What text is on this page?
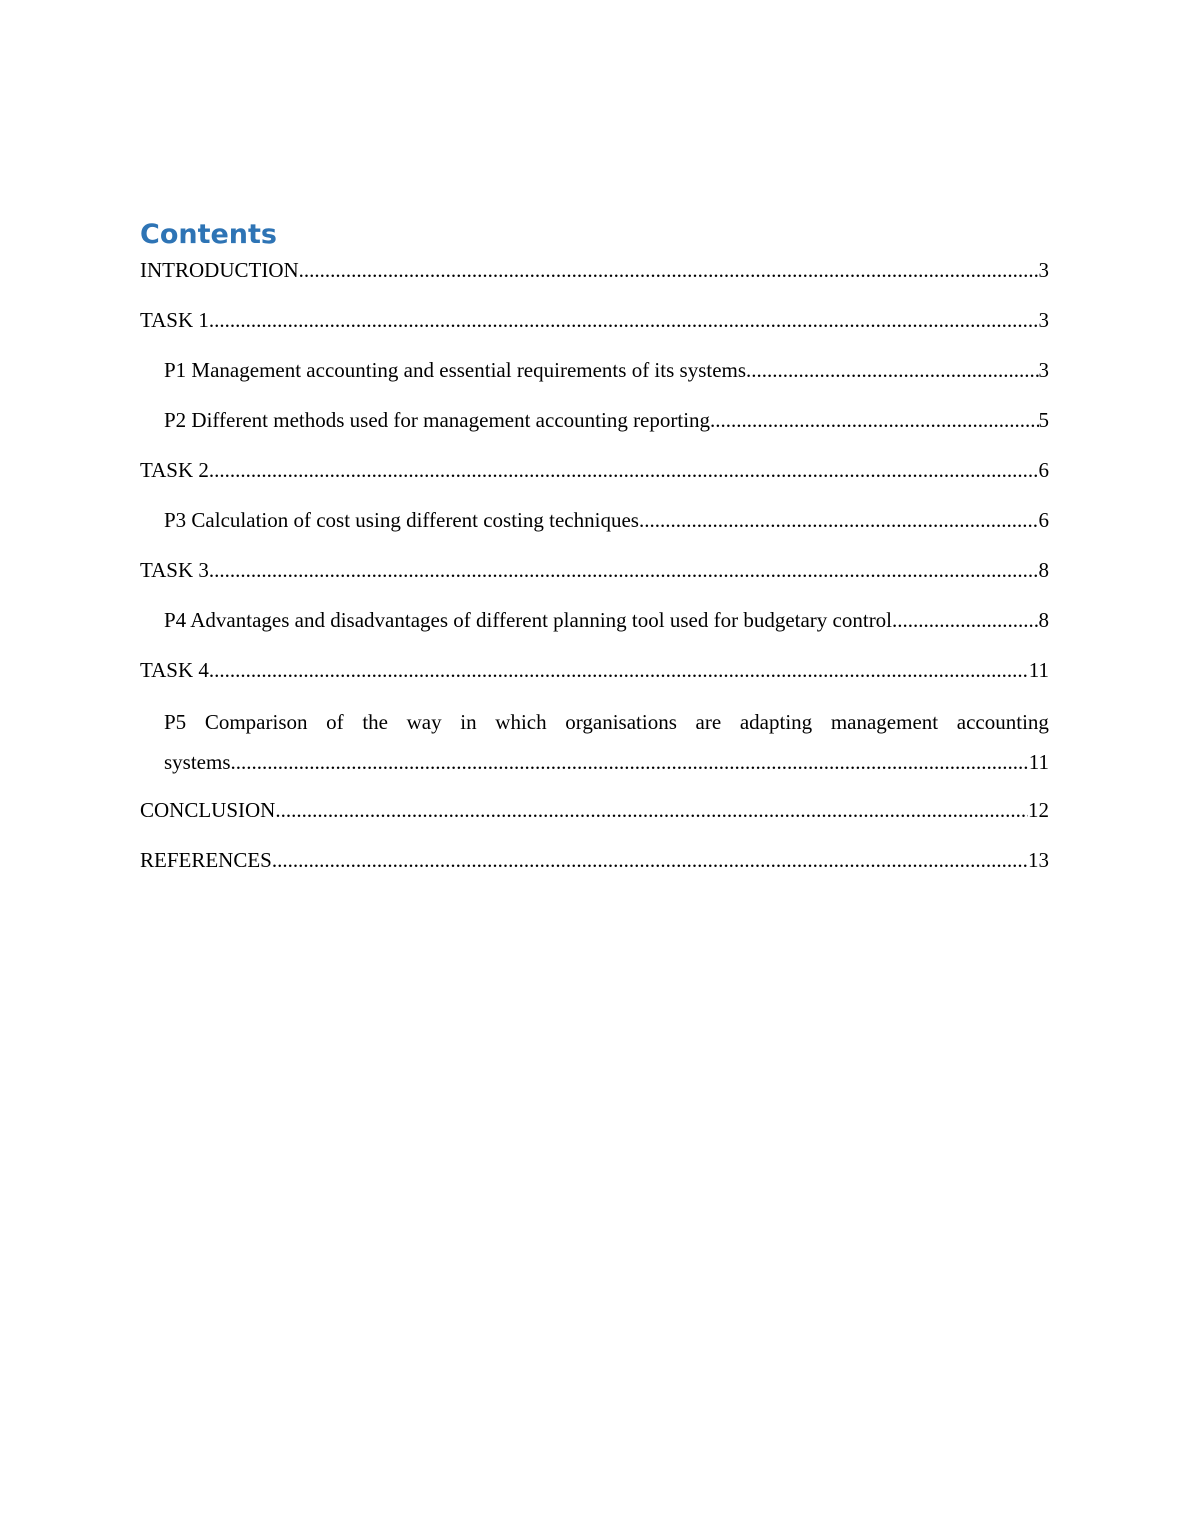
Contents
INTRODUCTION .....	3
TASK 1 .....	3
P1 Management accounting and essential requirements of its systems .....	3
P2 Different methods used for management accounting reporting .....	5
TASK 2 .....	6
P3 Calculation of cost using different costing techniques .....	6
TASK 3 .....	8
P4 Advantages and disadvantages of different planning tool used for budgetary control .....	8
TASK 4 .....	11
P5 Comparison of the way in which organisations are adapting management accounting
systems .....	11
CONCLUSION .....	12
REFERENCES .....	13
